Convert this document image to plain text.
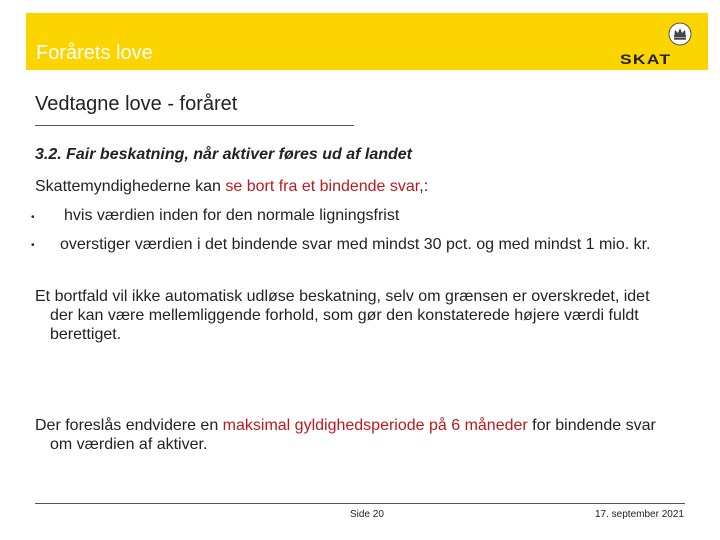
Forårets love	SKAT
Vedtagne love - foråret
3.2. Fair beskatning, når aktiver føres ud af landet
Skattemyndighederne kan se bort fra et bindende svar,:
• hvis værdien inden for den normale ligningsfrist
• overstiger værdien i det bindende svar med mindst 30 pct. og med mindst 1 mio. kr.
Et bortfald vil ikke automatisk udløse beskatning, selv om grænsen er overskredet, idet der kan være mellemliggende forhold, som gør den konstaterede højere værdi fuldt berettiget.
Der foreslås endvidere en maksimal gyldighedsperiode på 6 måneder for bindende svar om værdien af aktiver.
Side 20	17. september 2021
